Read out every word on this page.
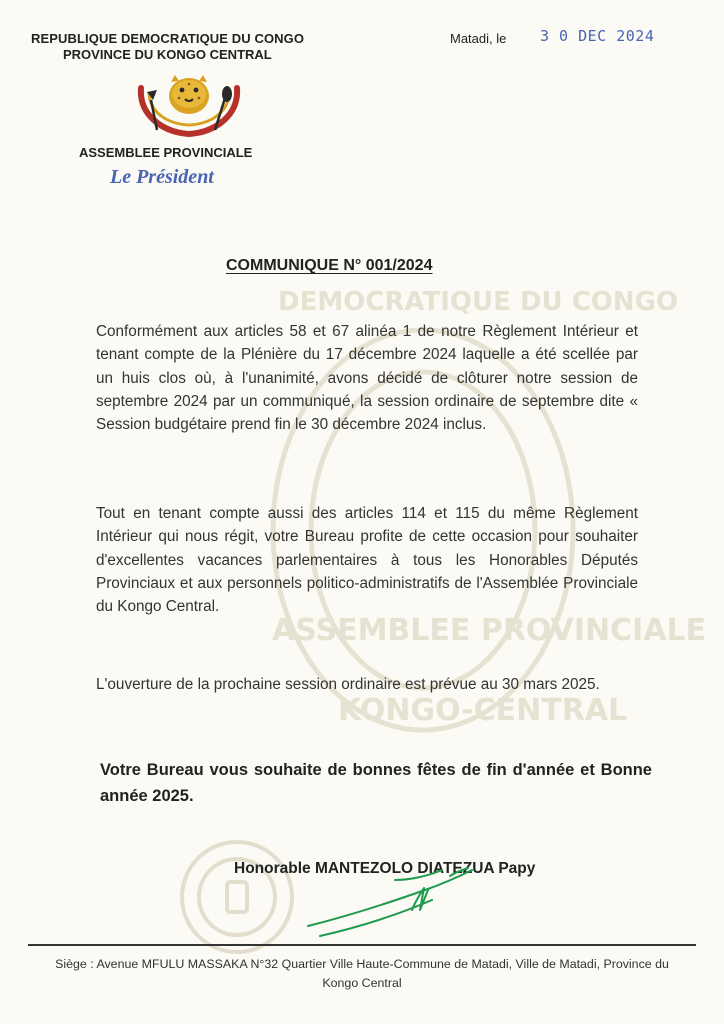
REPUBLIQUE DEMOCRATIQUE DU CONGO
PROVINCE DU KONGO CENTRAL
Matadi, le 3 0 DEC 2024
ASSEMBLEE PROVINCIALE
Le Président
DEMOCRATIQUE DU CONGO
ASSEMBLEE PROVINCIALE
KONGO-CENTRAL
COMMUNIQUE N° 001/2024

Conformément aux articles 58 et 67 alinéa 1 de notre Règlement Intérieur et tenant compte de la Plénière du 17 décembre 2024 laquelle a été scellée par un huis clos où, à l'unanimité, avons décidé de clôturer notre session de septembre 2024 par un communiqué, la session ordinaire de septembre dite « Session budgétaire prend fin le 30 décembre 2024 inclus.

Tout en tenant compte aussi des articles 114 et 115 du même Règlement Intérieur qui nous régit, votre Bureau profite de cette occasion pour souhaiter d'excellentes vacances parlementaires à tous les Honorables Députés Provinciaux et aux personnels politico-administratifs de l'Assemblée Provinciale du Kongo Central.

L'ouverture de la prochaine session ordinaire est prévue au 30 mars 2025.

Votre Bureau vous souhaite de bonnes fêtes de fin d'année et Bonne année 2025.

Honorable MANTEZOLO DIATEZUA Papy
Siège : Avenue MFULU MASSAKA N°32 Quartier Ville Haute-Commune de Matadi, Ville de Matadi, Province du Kongo Central
